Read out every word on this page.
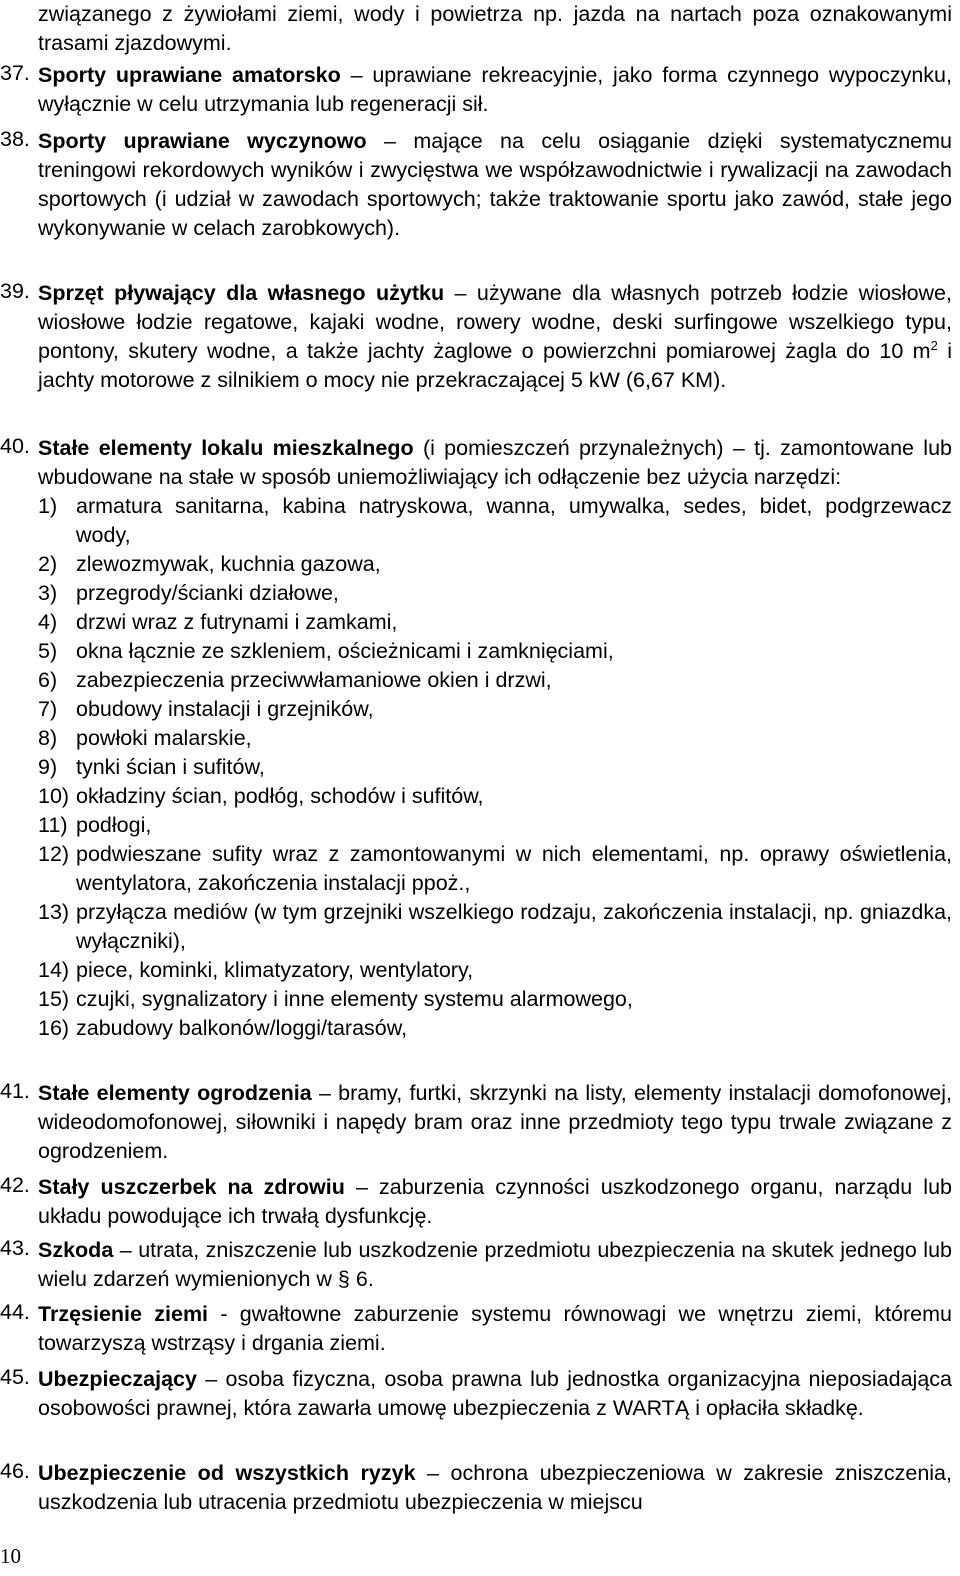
związanego z żywiołami ziemi, wody i powietrza np. jazda na nartach poza oznakowanymi trasami zjazdowymi.
37. Sporty uprawiane amatorsko – uprawiane rekreacyjnie, jako forma czynnego wypoczynku, wyłącznie w celu utrzymania lub regeneracji sił.
38. Sporty uprawiane wyczynowo – mające na celu osiąganie dzięki systematycznemu treningowi rekordowych wyników i zwycięstwa we współzawodnictwie i rywalizacji na zawodach sportowych (i udział w zawodach sportowych; także traktowanie sportu jako zawód, stałe jego wykonywanie w celach zarobkowych).
39. Sprzęt pływający dla własnego użytku – używane dla własnych potrzeb łodzie wiosłowe, wiosłowe łodzie regatowe, kajaki wodne, rowery wodne, deski surfingowe wszelkiego typu, pontony, skutery wodne, a także jachty żaglowe o powierzchni pomiarowej żagla do 10 $m^2$ i jachty motorowe z silnikiem o mocy nie przekraczającej 5 kW (6,67 KM).
40. Stałe elementy lokalu mieszkalnego (i pomieszczeń przynależnych) – tj. zamontowane lub wbudowane na stałe w sposób uniemożliwiający ich odłączenie bez użycia narzędzi:
1) armatura sanitarna, kabina natryskowa, wanna, umywalka, sedes, bidet, podgrzewacz wody,
2) zlewozmywak, kuchnia gazowa,
3) przegrody/ścianki działowe,
4) drzwi wraz z futrynami i zamkami,
5) okna łącznie ze szkleniem, ościeżnicami i zamknięciami,
6) zabezpieczenia przeciwwłamaniowe okien i drzwi,
7) obudowy instalacji i grzejników,
8) powłoki malarskie,
9) tynki ścian i sufitów,
10) okładziny ścian, podłóg, schodów i sufitów,
11) podłogi,
12) podwieszane sufity wraz z zamontowanymi w nich elementami, np. oprawy oświetlenia, wentylatora, zakończenia instalacji ppoż.,
13) przyłącza mediów (w tym grzejniki wszelkiego rodzaju, zakończenia instalacji, np. gniazdka, wyłączniki),
14) piece, kominki, klimatyzatory, wentylatory,
15) czujki, sygnalizatory i inne elementy systemu alarmowego,
16) zabudowy balkonów/loggi/tarasów,
41. Stałe elementy ogrodzenia – bramy, furtki, skrzynki na listy, elementy instalacji domofonowej, wideodomofonowej, siłowniki i napędy bram oraz inne przedmioty tego typu trwale związane z ogrodzeniem.
42. Stały uszczerbek na zdrowiu – zaburzenia czynności uszkodzonego organu, narządu lub układu powodujące ich trwałą dysfunkcję.
43. Szkoda – utrata, zniszczenie lub uszkodzenie przedmiotu ubezpieczenia na skutek jednego lub wielu zdarzeń wymienionych w § 6.
44. Trzęsienie ziemi - gwałtowne zaburzenie systemu równowagi we wnętrzu ziemi, któremu towarzyszą wstrząsy i drgania ziemi.
45. Ubezpieczający – osoba fizyczna, osoba prawna lub jednostka organizacyjna nieposiadająca osobowości prawnej, która zawarła umowę ubezpieczenia z WARTĄ i opłaciła składkę.
46. Ubezpieczenie od wszystkich ryzyk – ochrona ubezpieczeniowa w zakresie zniszczenia, uszkodzenia lub utracenia przedmiotu ubezpieczenia w miejscu
10
